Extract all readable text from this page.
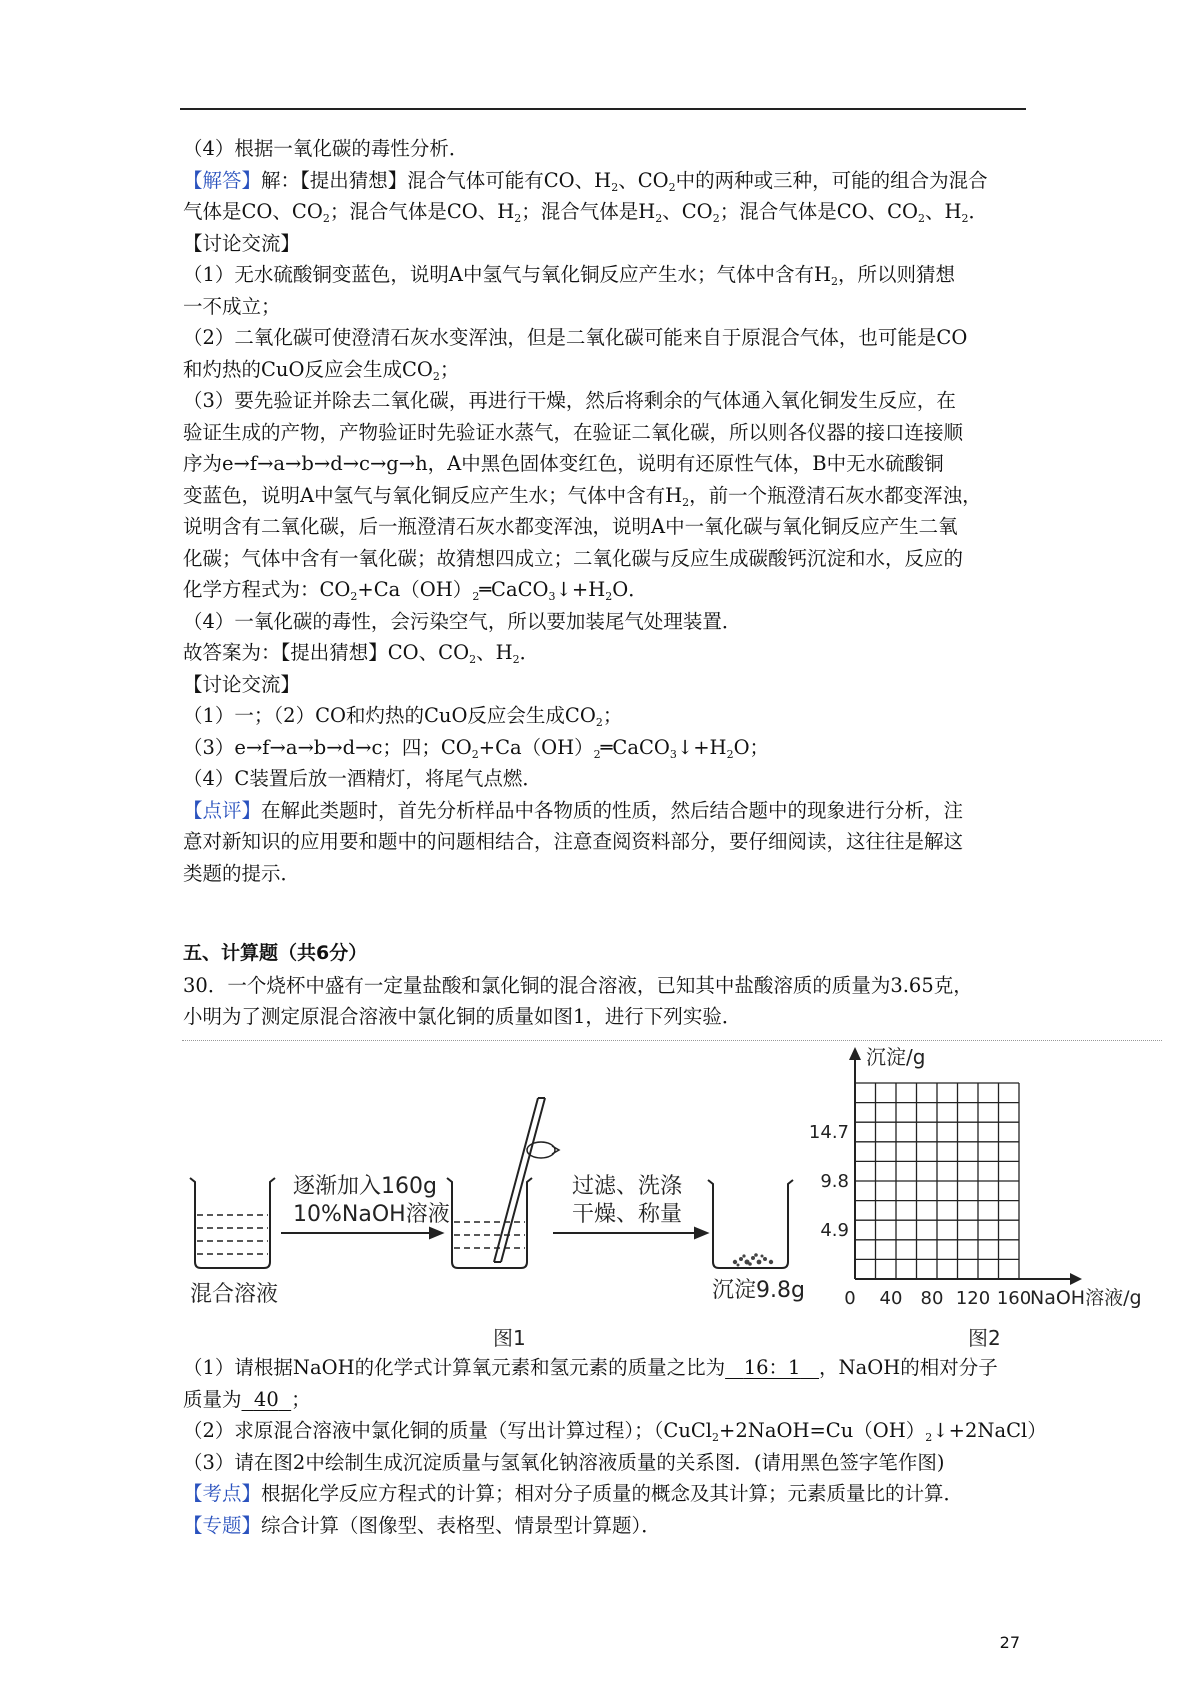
（4）根据一氧化碳的毒性分析．
【解答】解：【提出猜想】混合气体可能有CO、$H_2$、$CO_2$中的两种或三种，可能的组合为混合
气体是CO、$CO_2$；混合气体是CO、$H_2$；混合气体是$H_2$、$CO_2$；混合气体是CO、$CO_2$、$H_2$．
【讨论交流】
（1）无水硫酸铜变蓝色，说明A中氢气与氧化铜反应产生水；气体中含有$H_2$，所以则猜想
一不成立；
（2）二氧化碳可使澄清石灰水变浑浊，但是二氧化碳可能来自于原混合气体，也可能是CO
和灼热的CuO反应会生成$CO_2$；
（3）要先验证并除去二氧化碳，再进行干燥，然后将剩余的气体通入氧化铜发生反应，在
验证生成的产物，产物验证时先验证水蒸气，在验证二氧化碳，所以则各仪器的接口连接顺
序为e→f→a→b→d→c→g→h，A中黑色固体变红色，说明有还原性气体，B中无水硫酸铜
变蓝色，说明A中氢气与氧化铜反应产生水；气体中含有$H_2$，前一个瓶澄清石灰水都变浑浊，
说明含有二氧化碳，后一瓶澄清石灰水都变浑浊，说明A中一氧化碳与氧化铜反应产生二氧
化碳；气体中含有一氧化碳；故猜想四成立；二氧化碳与反应生成碳酸钙沉淀和水，反应的
化学方程式为：$CO_2+Ca(OH)_2═CaCO_3↓+H_2O$．
（4）一氧化碳的毒性，会污染空气，所以要加装尾气处理装置．
故答案为：【提出猜想】CO、$CO_2$、$H_2$．
【讨论交流】
（1）一；（2）CO和灼热的CuO反应会生成$CO_2$；
（3）e→f→a→b→d→c；四；$CO_2+Ca(OH)_2═CaCO_3↓+H_2O$；
（4）C装置后放一酒精灯，将尾气点燃．
【点评】在解此类题时，首先分析样品中各物质的性质，然后结合题中的现象进行分析，注
意对新知识的应用要和题中的问题相结合，注意查阅资料部分，要仔细阅读，这往往是解这
类题的提示．
五、计算题（共6分）
30．一个烧杯中盛有一定量盐酸和氯化铜的混合溶液，已知其中盐酸溶质的质量为3.65克，
小明为了测定原混合溶液中氯化铜的质量如图1，进行下列实验．
逐渐加入160g
10%NaOH溶液
过滤、洗涤
干燥、称量
混合溶液	沉淀9.8g
图1
沉淀/g
NaOH溶液/g
图2
14.7
9.8
4.9
0 40 80 120 160
（1）请根据NaOH的化学式计算氧元素和氢元素的质量之比为 16：1 ，NaOH的相对分子
质量为 40 ；
（2）求原混合溶液中氯化铜的质量（写出计算过程）；$(CuCl_2+2NaOH=Cu(OH)_2↓+2NaCl)$
（3）请在图2中绘制生成沉淀质量与氢氧化钠溶液质量的关系图．(请用黑色签字笔作图)
【考点】根据化学反应方程式的计算；相对分子质量的概念及其计算；元素质量比的计算．
【专题】综合计算（图像型、表格型、情景型计算题）．
27
